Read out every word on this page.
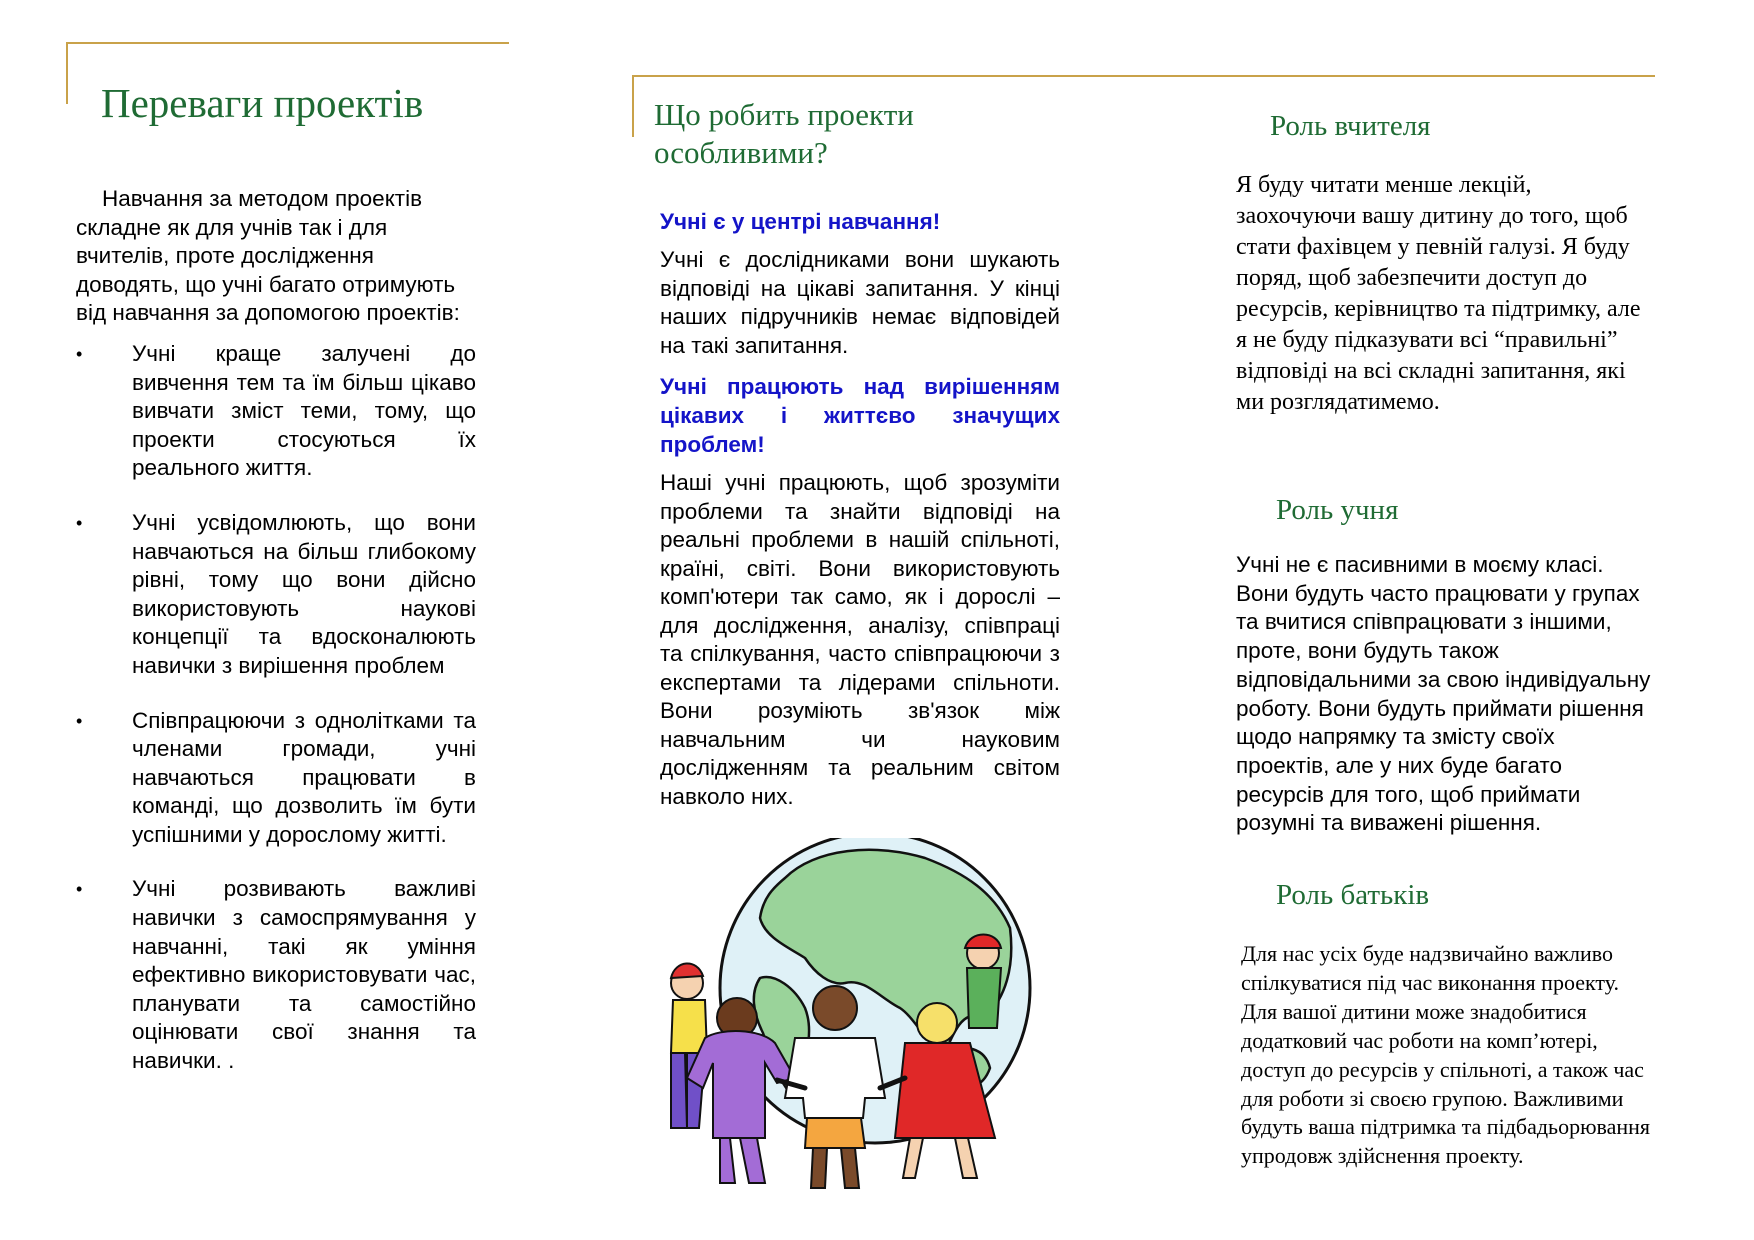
Переваги проектів

Навчання за методом проектів складне як для учнів так і для вчителів, проте дослідження доводять, що учні багато отримують від навчання за допомогою проектів:

• Учні краще залучені до вивчення тем та їм більш цікаво вивчати зміст теми, тому, що проекти стосуються їх реального життя.
• Учні усвідомлюють, що вони навчаються на більш глибокому рівні, тому що вони дійсно використовують наукові концепції та вдосконалюють навички з вирішення проблем
• Співпрацюючи з однолітками та членами громади, учні навчаються працювати в команді, що дозволить їм бути успішними у дорослому житті.
• Учні розвивають важливі навички з самоспрямування у навчанні, такі як уміння ефективно використовувати час, планувати та самостійно оцінювати свої знання та навички. .
Що робить проекти
особливими?

Учні є у центрі навчання!

Учні є дослідниками вони шукають відповіді на цікаві запитання. У кінці наших підручників немає відповідей на такі запитання.

Учні працюють над вирішенням цікавих і життєво значущих проблем!

Наші учні працюють, щоб зрозуміти проблеми та знайти відповіді на реальні проблеми в нашій спільноті, країні, світі. Вони використовують комп'ютери так само, як і дорослі – для дослідження, аналізу, співпраці та спілкування, часто співпрацюючи з експертами та лідерами спільноти. Вони розуміють зв'язок між навчальним чи науковим дослідженням та реальним світом навколо них.

Роль вчителя

Я буду читати менше лекцій, заохочуючи вашу дитину до того, щоб стати фахівцем у певній галузі. Я буду поряд, щоб забезпечити доступ до ресурсів, керівництво та підтримку, але я не буду підказувати всі “правильні” відповіді на всі складні запитання, які ми розглядатимемо.

Роль учня

Учні не є пасивними в моєму класі. Вони будуть часто працювати у групах та вчитися співпрацювати з іншими, проте, вони будуть також відповідальними за свою індивідуальну роботу. Вони будуть приймати рішення щодо напрямку та змісту своїх проектів, але у них буде багато ресурсів для того, щоб приймати розумні та виважені рішення.

Роль батьків

Для нас усіх буде надзвичайно важливо спілкуватися під час виконання проекту. Для вашої дитини може знадобитися додатковий час роботи на комп’ютері, доступ до ресурсів у спільноті, а також час для роботи зі своєю групою. Важливими будуть ваша підтримка та підбадьорювання упродовж здійснення проекту.
